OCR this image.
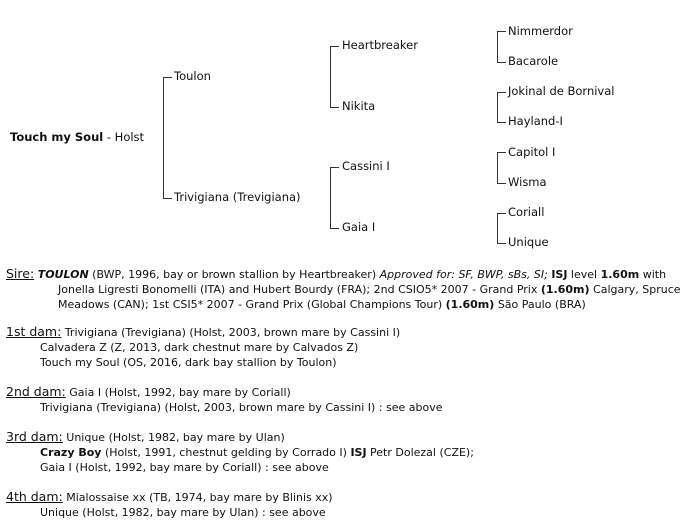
Touch my Soul - Holst
Toulon
Trivigiana (Trevigiana)
Heartbreaker
Nikita
Cassini I
Gaia I
Nimmerdor
Bacarole
Jokinal de Bornival
Hayland-I
Capitol I
Wisma
Coriall
Unique
Sire: TOULON (BWP, 1996, bay or brown stallion by Heartbreaker) Approved for: SF, BWP, sBs, SI; ISJ level 1.60m with
Jonella Ligresti Bonomelli (ITA) and Hubert Bourdy (FRA); 2nd CSIO5* 2007 - Grand Prix (1.60m) Calgary, Spruce
Meadows (CAN); 1st CSI5* 2007 - Grand Prix (Global Champions Tour) (1.60m) São Paulo (BRA)
1st dam: Trivigiana (Trevigiana) (Holst, 2003, brown mare by Cassini I)
Calvadera Z (Z, 2013, dark chestnut mare by Calvados Z)
Touch my Soul (OS, 2016, dark bay stallion by Toulon)
2nd dam: Gaia I (Holst, 1992, bay mare by Coriall)
Trivigiana (Trevigiana) (Holst, 2003, brown mare by Cassini I) : see above
3rd dam: Unique (Holst, 1982, bay mare by Ulan)
Crazy Boy (Holst, 1991, chestnut gelding by Corrado I) ISJ Petr Dolezal (CZE);
Gaia I (Holst, 1992, bay mare by Coriall) : see above
4th dam: Mialossaise xx (TB, 1974, bay mare by Blinis xx)
Unique (Holst, 1982, bay mare by Ulan) : see above
